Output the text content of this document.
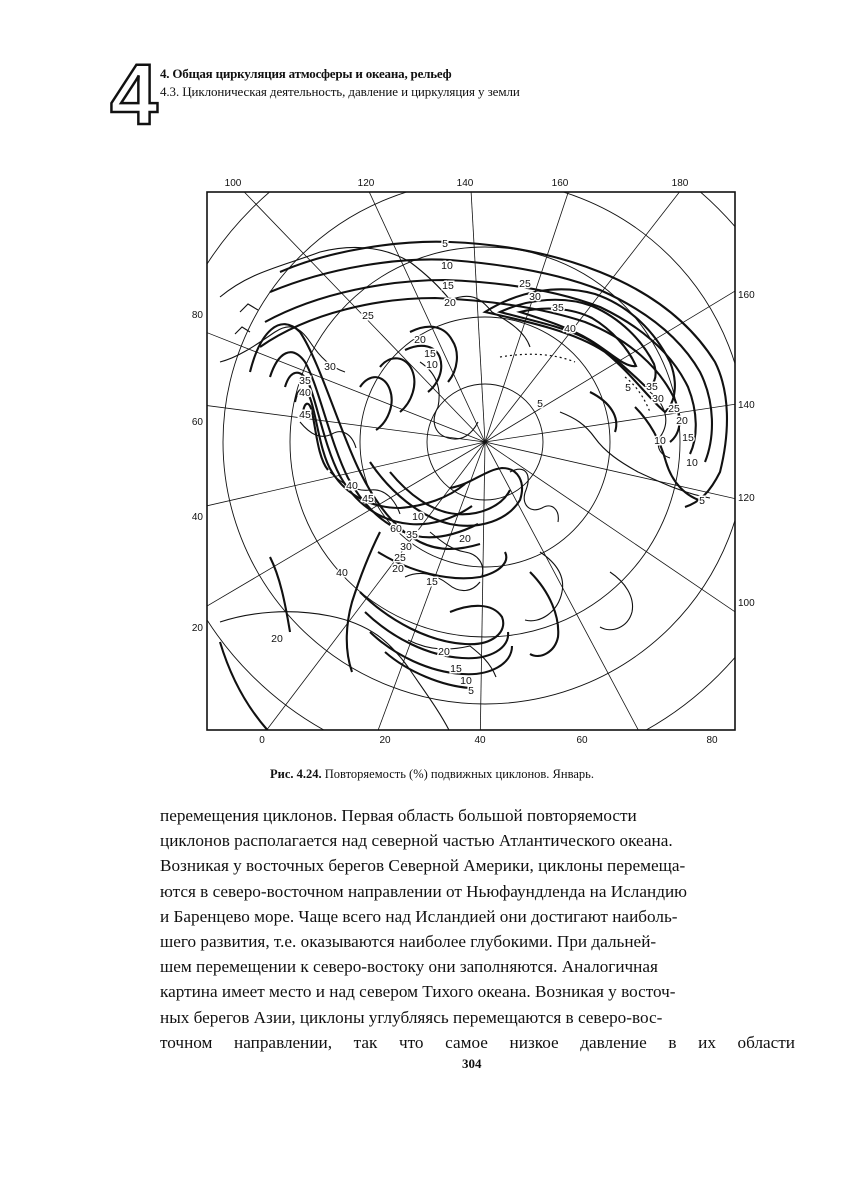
4 4. Общая циркуляция атмосферы и океана, рельеф
4.3. Циклоническая деятельность, давление и циркуляция у земли
100	120	140	160	180
0	20	40	60	80
80
60
40
20
160
140
120
100
5
10
15
20
25
30
35
40
25
30
35
40
45
20
15
10
40
45
60 35
30
25
20
15
10
20
5
35
30
25
20
15
10
5
10
5
20
15
10
5
40
20
Рис. 4.24. Повторяемость (%) подвижных циклонов. Январь.

перемещения циклонов. Первая область большой повторяемости

циклонов располагается над северной частью Атлантического океана.

Возникая у восточных берегов Северной Америки, циклоны перемеща-

ются в северо-восточном направлении от Ньюфаундленда на Исландию

и Баренцево море. Чаще всего над Исландией они достигают наиболь-

шего развития, т.е. оказываются наиболее глубокими. При дальней-

шем перемещении к северо-востоку они заполняются. Аналогичная

картина имеет место и над севером Тихого океана. Возникая у восточ-

ных берегов Азии, циклоны углубляясь перемещаются в северо-вос-

точном направлении, так что самое низкое давление в их области

304
